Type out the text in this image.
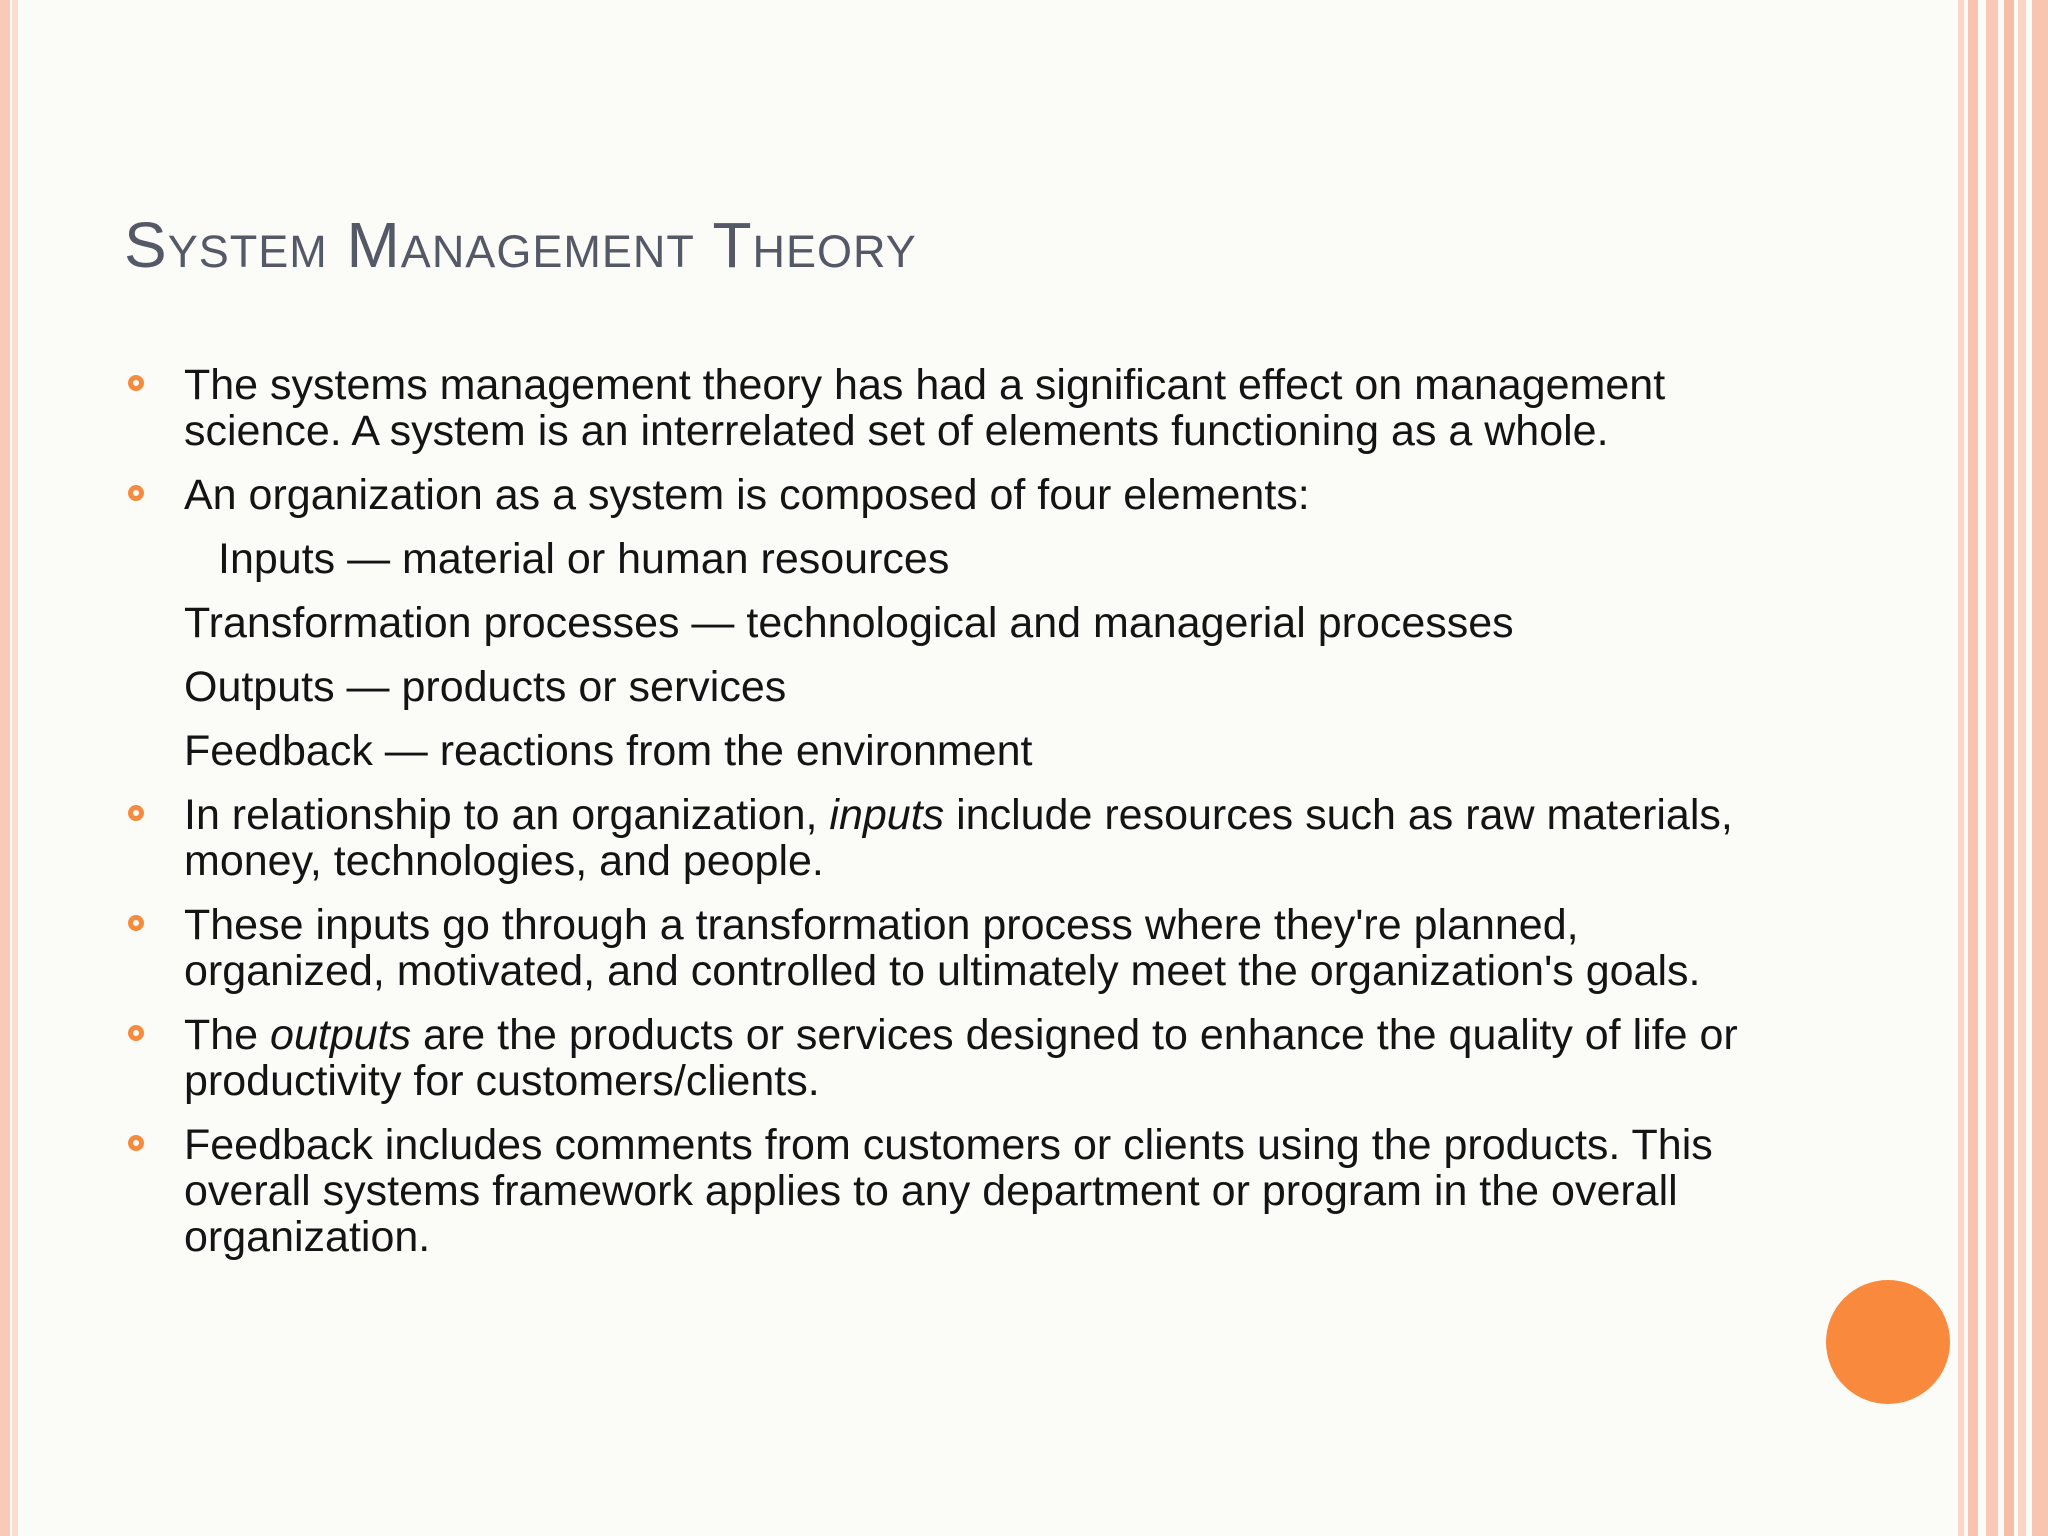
System Management Theory
The systems management theory has had a significant effect on management science. A system is an interrelated set of elements functioning as a whole.
An organization as a system is composed of four elements:
Inputs — material or human resources
Transformation processes — technological and managerial processes
Outputs — products or services
Feedback — reactions from the environment
In relationship to an organization, inputs include resources such as raw materials, money, technologies, and people.
These inputs go through a transformation process where they're planned, organized, motivated, and controlled to ultimately meet the organization's goals.
The outputs are the products or services designed to enhance the quality of life or productivity for customers/clients.
Feedback includes comments from customers or clients using the products. This overall systems framework applies to any department or program in the overall organization.
